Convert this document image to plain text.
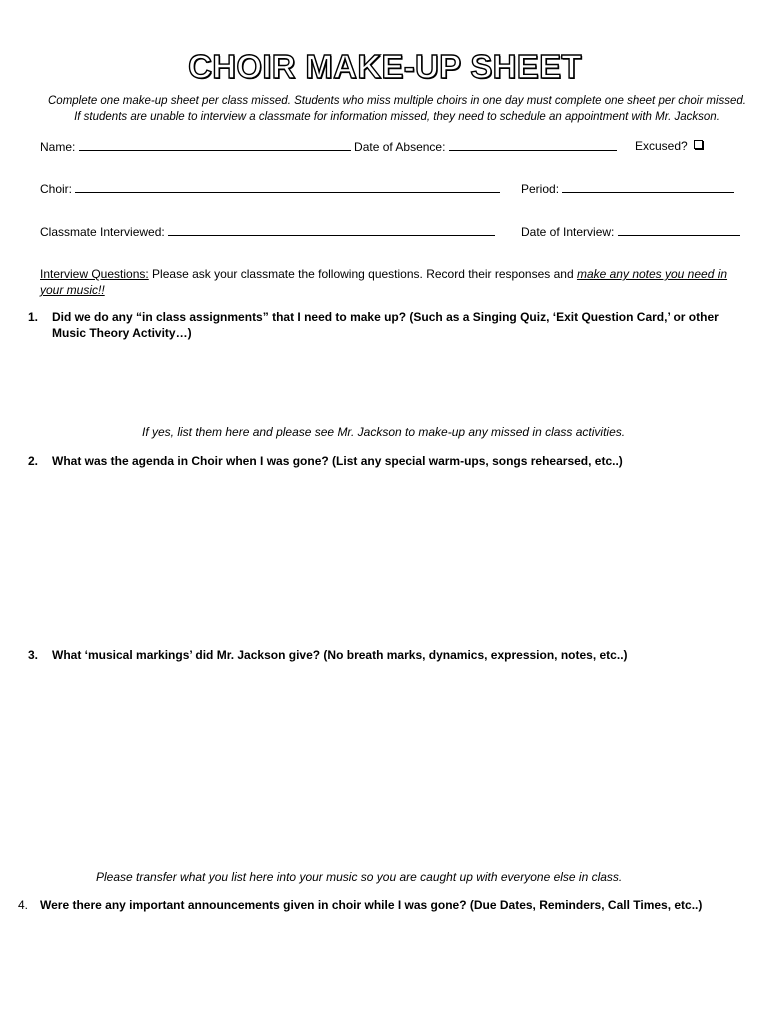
CHOIR MAKE-UP SHEET
Complete one make-up sheet per class missed. Students who miss multiple choirs in one day must complete one sheet per choir missed.
If students are unable to interview a classmate for information missed, they need to schedule an appointment with Mr. Jackson.
Name:	Date of Absence:	Excused?
Choir:	Period:
Classmate Interviewed:	Date of Interview:
Interview Questions: Please ask your classmate the following questions. Record their responses and make any notes you need in your music!!
1. Did we do any “in class assignments” that I need to make up? (Such as a Singing Quiz, ‘Exit Question Card,’ or other Music Theory Activity…)
If yes, list them here and please see Mr. Jackson to make-up any missed in class activities.
2. What was the agenda in Choir when I was gone? (List any special warm-ups, songs rehearsed, etc..)
3. What ‘musical markings’ did Mr. Jackson give? (No breath marks, dynamics, expression, notes, etc..)
Please transfer what you list here into your music so you are caught up with everyone else in class.
4. Were there any important announcements given in choir while I was gone? (Due Dates, Reminders, Call Times, etc..)
